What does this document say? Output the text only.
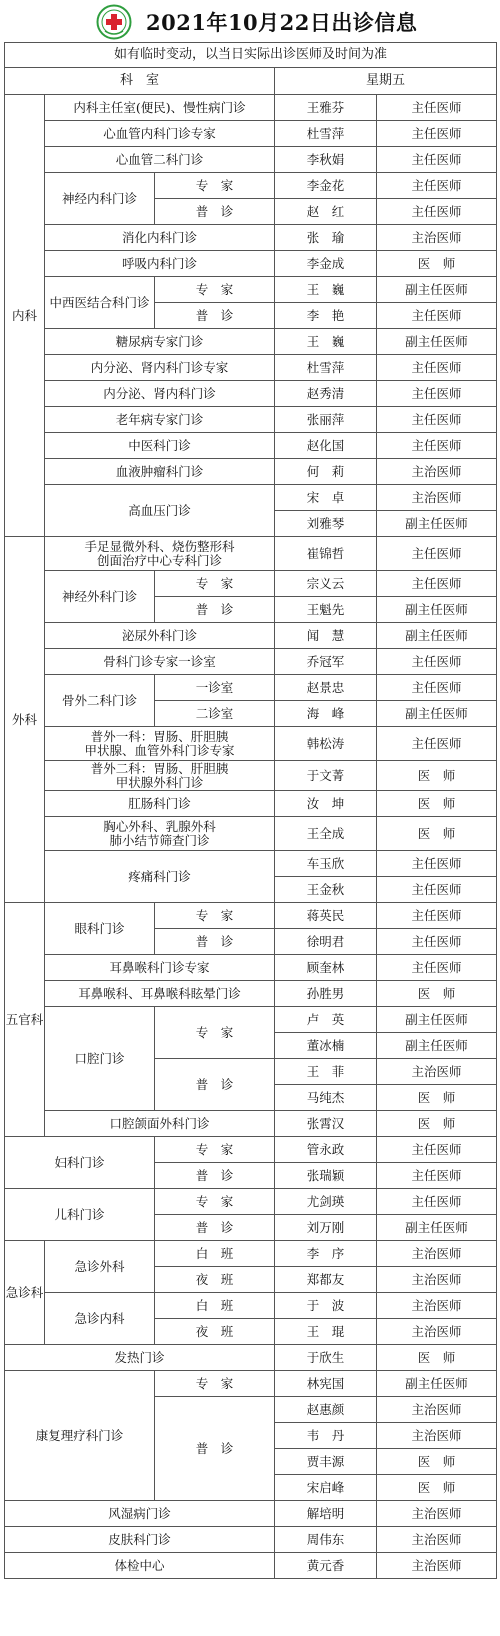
2021年10月22日出诊信息
如有临时变动，以当日实际出诊医师及时间为准				
科　室			星期五	
内科	内科主任室(便民)、慢性病门诊		王雅芬	主任医师
	心血管内科门诊专家		杜雪萍	主任医师
	心血管二科门诊		李秋娟	主任医师
	神经内科门诊	专　家	李金花	主任医师
		普　诊	赵　红	主任医师
	消化内科门诊		张　瑜	主治医师
	呼吸内科门诊		李金成	医　师
	中西医结合科门诊	专　家	王　巍	副主任医师
		普　诊	李　艳	主任医师
	糖尿病专家门诊		王　巍	副主任医师
	内分泌、肾内科门诊专家		杜雪萍	主任医师
	内分泌、肾内科门诊		赵秀清	主任医师
	老年病专家门诊		张丽萍	主任医师
	中医科门诊		赵化国	主任医师
	血液肿瘤科门诊		何　莉	主治医师
	高血压门诊		宋　卓	主治医师
			刘雅琴	副主任医师
外科	手足显微外科、烧伤整形科
创面治疗中心专科门诊		崔锦哲	主任医师
	神经外科门诊	专　家	宗义云	主任医师
		普　诊	王魁先	副主任医师
	泌尿外科门诊		闻　慧	副主任医师
	骨科门诊专家一诊室		乔冠军	主任医师
	骨外二科门诊	一诊室	赵景忠	主任医师
		二诊室	海　峰	副主任医师
	普外一科：胃肠、肝胆胰
甲状腺、血管外科门诊专家		韩松涛	主任医师
	普外二科：胃肠、肝胆胰
甲状腺外科门诊		于文菁	医　师
	肛肠科门诊		汝　坤	医　师
	胸心外科、乳腺外科
肺小结节筛查门诊		王全成	医　师
	疼痛科门诊		车玉欣	主任医师
			王金秋	主任医师
五官科	眼科门诊	专　家	蒋英民	主任医师
		普　诊	徐明君	主任医师
	耳鼻喉科门诊专家		顾奎林	主任医师
	耳鼻喉科、耳鼻喉科眩晕门诊		孙胜男	医　师
	口腔门诊	专　家	卢　英	副主任医师
			董冰楠	副主任医师
		普　诊	王　菲	主治医师
			马纯杰	医　师
	口腔颌面外科门诊		张霄汉	医　师
妇科门诊		专　家	管永政	主任医师
		普　诊	张瑞颖	主任医师
儿科门诊		专　家	尤剑瑛	主任医师
		普　诊	刘万刚	副主任医师
急诊科	急诊外科	白　班	李　序	主治医师
		夜　班	郑都友	主治医师
	急诊内科	白　班	于　波	主治医师
		夜　班	王　琨	主治医师
发热门诊			于欣生	医　师
康复理疗科门诊		专　家	林宪国	副主任医师
		普　诊	赵惠颜	主治医师
			韦　丹	主治医师
			贾丰源	医　师
			宋启峰	医　师
风湿病门诊			解培明	主治医师
皮肤科门诊			周伟东	主治医师
体检中心			黄元香	主治医师
